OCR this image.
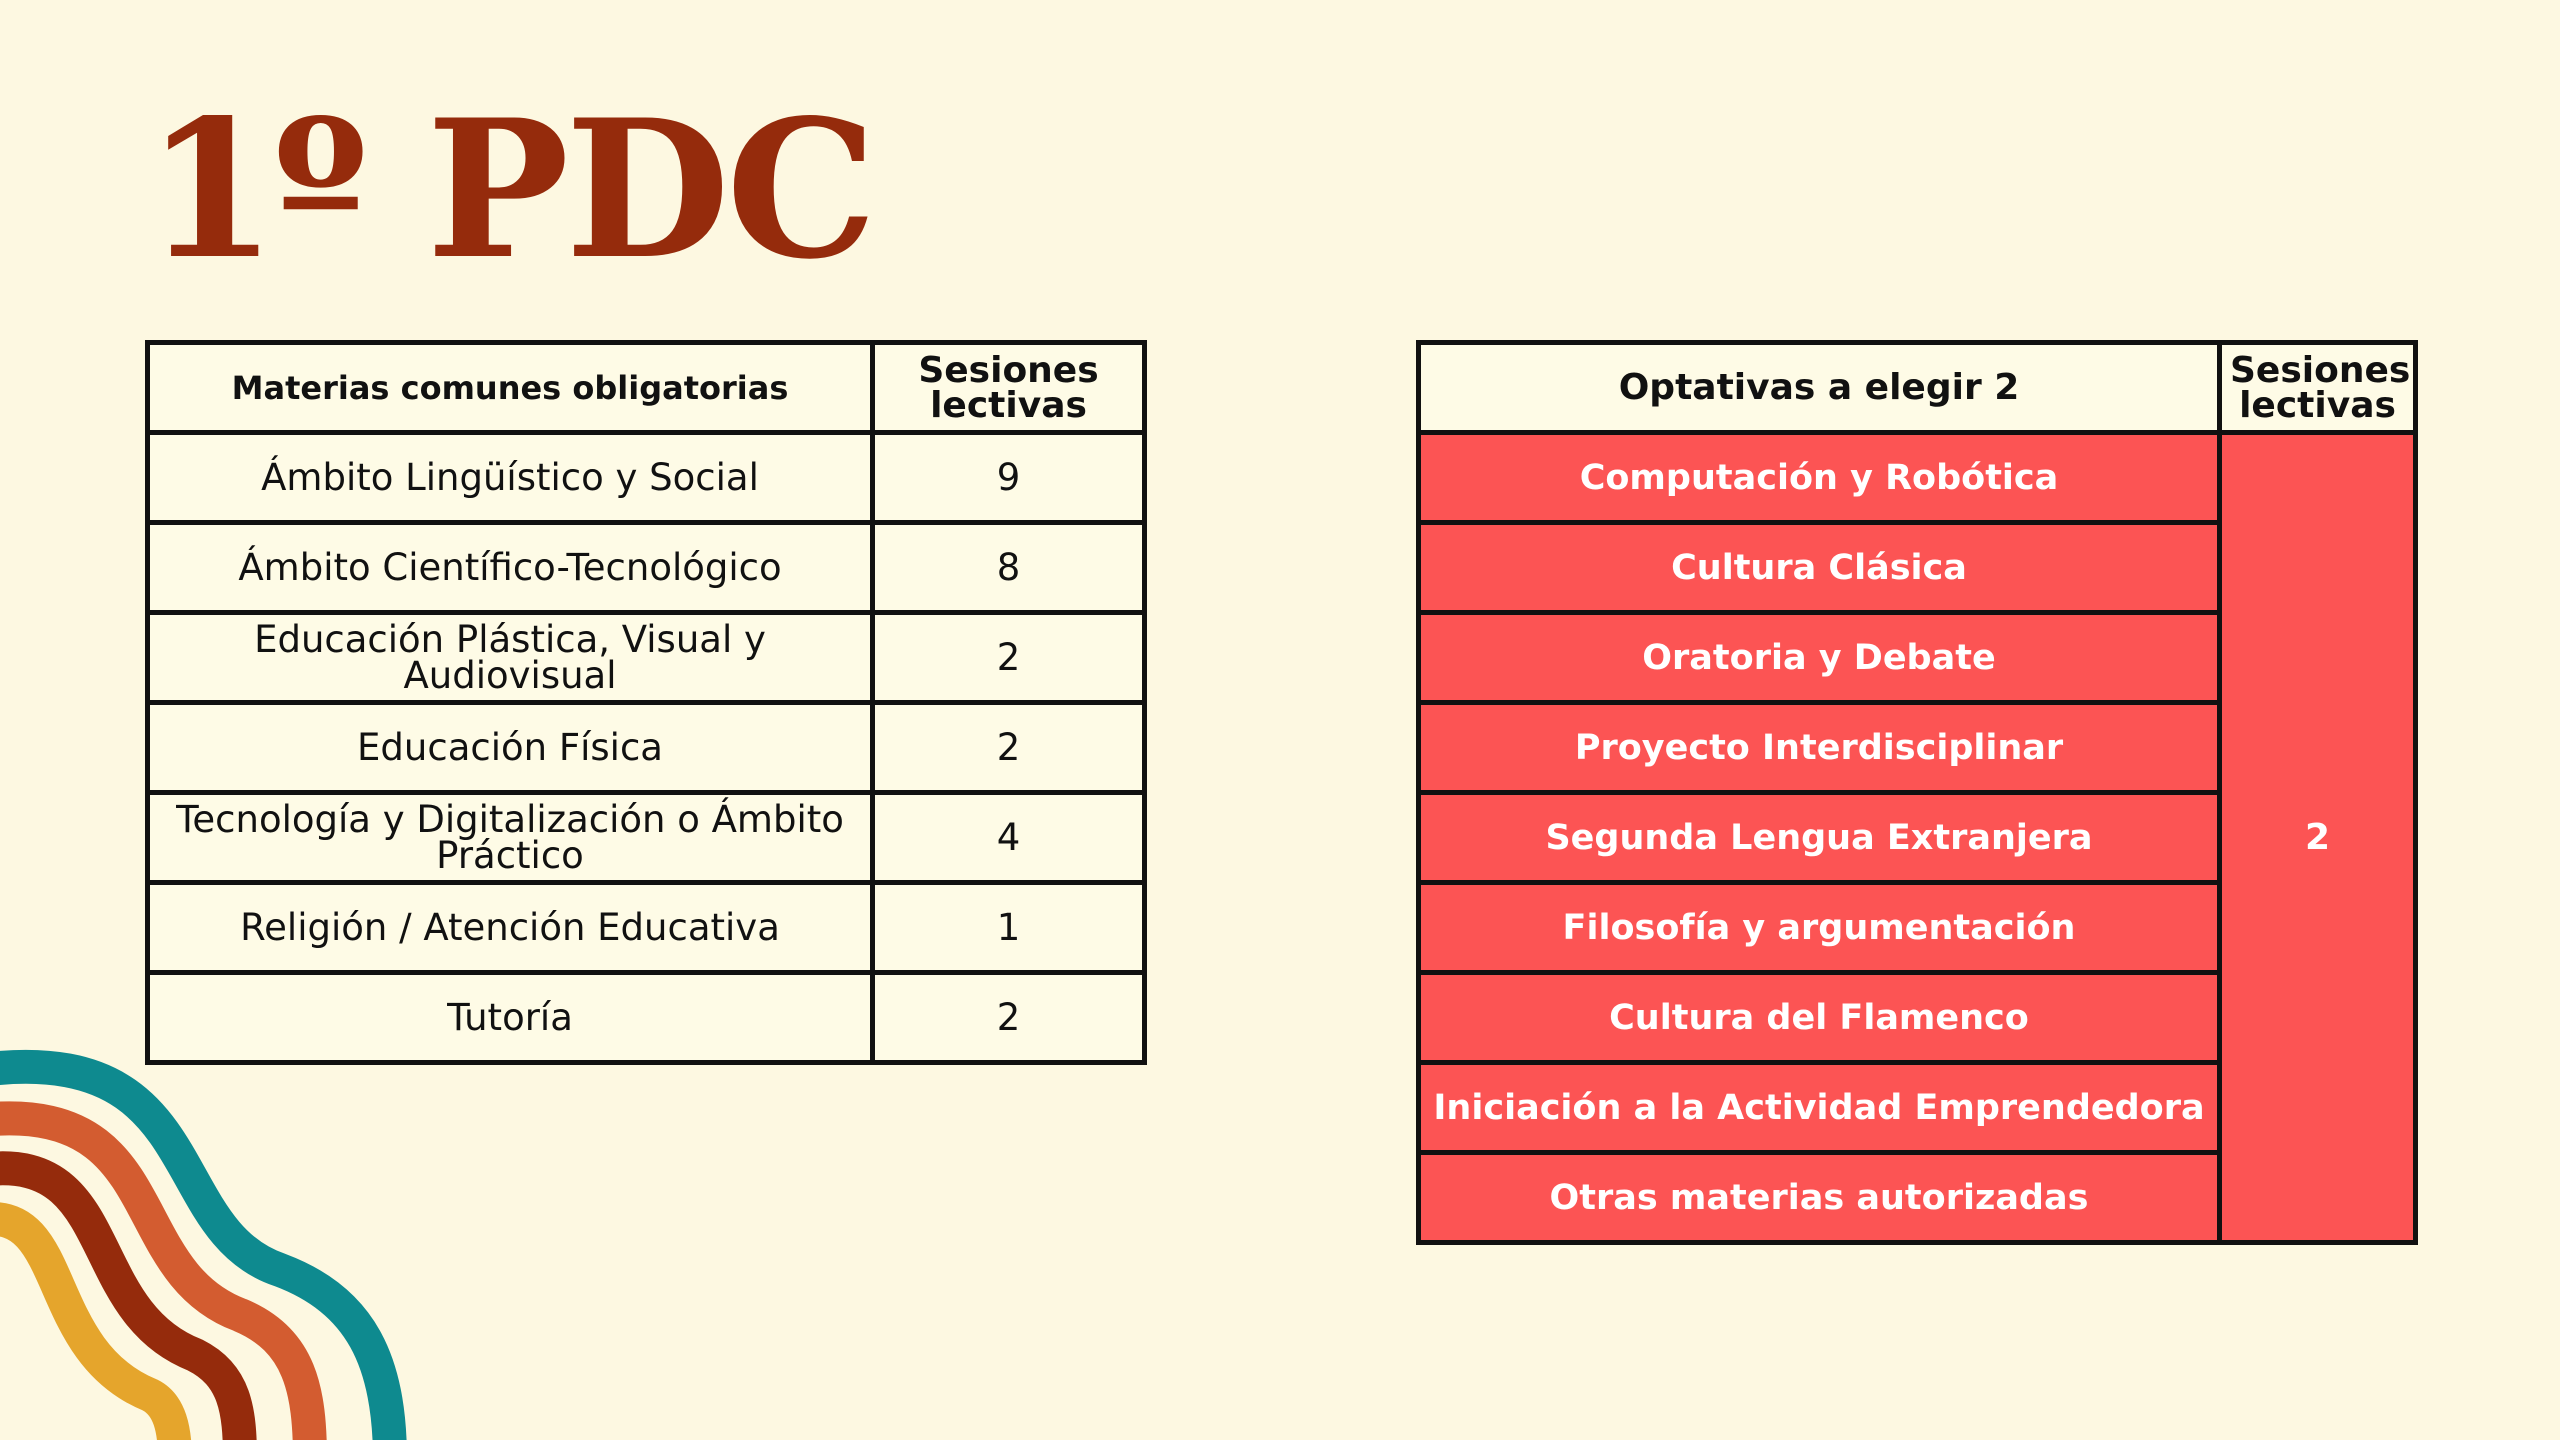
1º PDC
Materias comunes obligatorias	Sesiones lectivas
Ámbito Lingüístico y Social	9
Ámbito Científico-Tecnológico	8
Educación Plástica, Visual y Audiovisual	2
Educación Física	2
Tecnología y Digitalización o Ámbito Práctico	4
Religión / Atención Educativa	1
Tutoría	2
Optativas a elegir 2	Sesiones lectivas
Computación y Robótica	2
Cultura Clásica	
Oratoria y Debate	
Proyecto Interdisciplinar	
Segunda Lengua Extranjera	
Filosofía y argumentación	
Cultura del Flamenco	
Iniciación a la Actividad Emprendedora	
Otras materias autorizadas	
